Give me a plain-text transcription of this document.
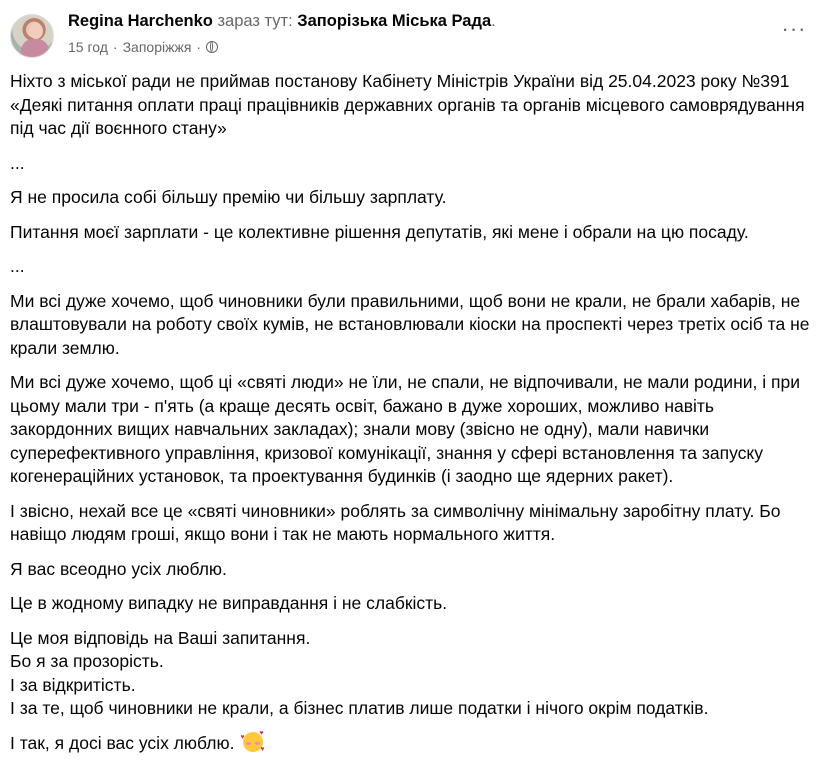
Regina Harchenko зараз тут: Запорізька Міська Рада.
15 год · Запоріжжя ·
···

Ніхто з міської ради не приймав постанову Кабінету Міністрів України від 25.04.2023 року №391 «Деякі питання оплати праці працівників державних органів та органів місцевого самоврядування під час дії воєнного стану»

...

Я не просила собі більшу премію чи більшу зарплату.

Питання моєї зарплати - це колективне рішення депутатів, які мене і обрали на цю посаду.

...

Ми всі дуже хочемо, щоб чиновники були правильними, щоб вони не крали, не брали хабарів, не влаштовували на роботу своїх кумів, не встановлювали кіоски на проспекті через третіх осіб та не крали землю.

Ми всі дуже хочемо, щоб ці «святі люди» не їли, не спали, не відпочивали, не мали родини, і при цьому мали три - п'ять (а краще десять освіт, бажано в дуже хороших, можливо навіть закордонних вищих навчальних закладах); знали мову (звісно не одну), мали навички суперефективного управління, кризової комунікації, знання у сфері встановлення та запуску когенераційних установок, та проектування будинків (і заодно ще ядерних ракет).

І звісно, нехай все це «святі чиновники» роблять за символічну мінімальну заробітну плату. Бо навіщо людям гроші, якщо вони і так не мають нормального життя.

Я вас всеодно усіх люблю.

Це в жодному випадку не виправдання і не слабкість.

Це моя відповідь на Ваші запитання.
Бо я за прозорість.
І за відкритість.
І за те, щоб чиновники не крали, а бізнес платив лише податки і нічого окрім податків.

І так, я досі вас усіх люблю. ♥
♥
♥
